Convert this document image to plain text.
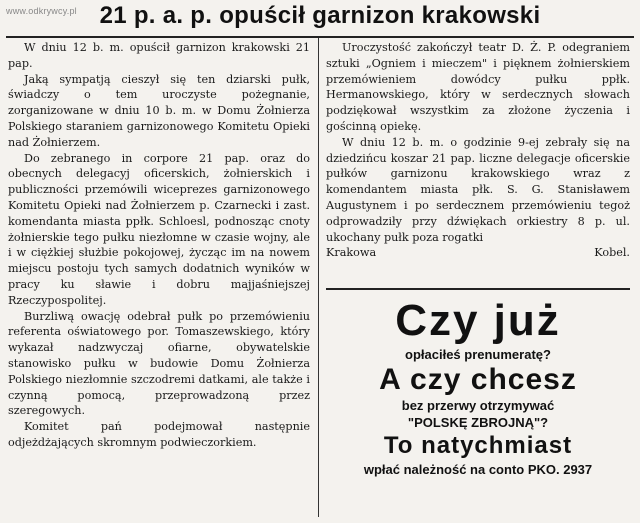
www.odkrywcy.pl 21 p. a. p. opuścił garnizon krakowski

W dniu 12 b. m. opuścił garnizon krakowski 21 pap.

Jaką sympatją cieszył się ten dziarski pułk, świadczy o tem uroczyste pożegnanie, zorganizowane w dniu 10 b. m. w Domu Żołnierza Polskiego staraniem garnizonowego Komitetu Opieki nad Żołnierzem.

Do zebranego in corpore 21 pap. oraz do obecnych delegacyj oficerskich, żołnierskich i publiczności przemówili wiceprezes garnizonowego Komitetu Opieki nad Żołnierzem p. Czarnecki i zast. komendanta miasta ppłk. Schloesl, podnosząc cnoty żołnierskie tego pułku niezłomne w czasie wojny, ale i w ciężkiej służbie pokojowej, życząc im na nowem miejscu postoju tych samych dodatnich wyników w pracy ku sławie i dobru majjaśniejszej Rzeczypospolitej.

Burzliwą owację odebrał pułk po przemówieniu referenta oświatowego por. Tomaszewskiego, który wykazał nadzwyczaj ofiarne, obywatelskie stanowisko pułku w budowie Domu Żołnierza Polskiego niezłomnie szczodremi datkami, ale także i czynną pomocą, przeprowadzoną przez szeregowych.

Komitet pań podejmował następnie odjeżdżających skromnym podwieczorkiem.

Uroczystość zakończył teatr D. Ż. P. odegraniem sztuki „Ogniem i mieczem" i pięknem żołnierskiem przemówieniem dowódcy pułku ppłk. Hermanowskiego, który w serdecznych słowach podziękował wszystkim za złożone życzenia i gościnną opiekę.

W dniu 12 b. m. o godzinie 9-ej zebrały się na dziedzińcu koszar 21 pap. liczne delegacje oficerskie pułków garnizonu krakowskiego wraz z komendantem miasta płk. S. G. Stanisławem Augustynem i po serdecznem przemówieniu tegoż odprowadziły przy dźwiękach orkiestry 8 p. ul. ukochany pułk poza rogatki

Krakowa	Kobel.
Czy już
opłaciłeś prenumeratę?
A czy chcesz
bez przerwy otrzymywać
"POLSKĘ ZBROJNĄ"?
To natychmiast
wpłać należność na conto PKO. 2937
